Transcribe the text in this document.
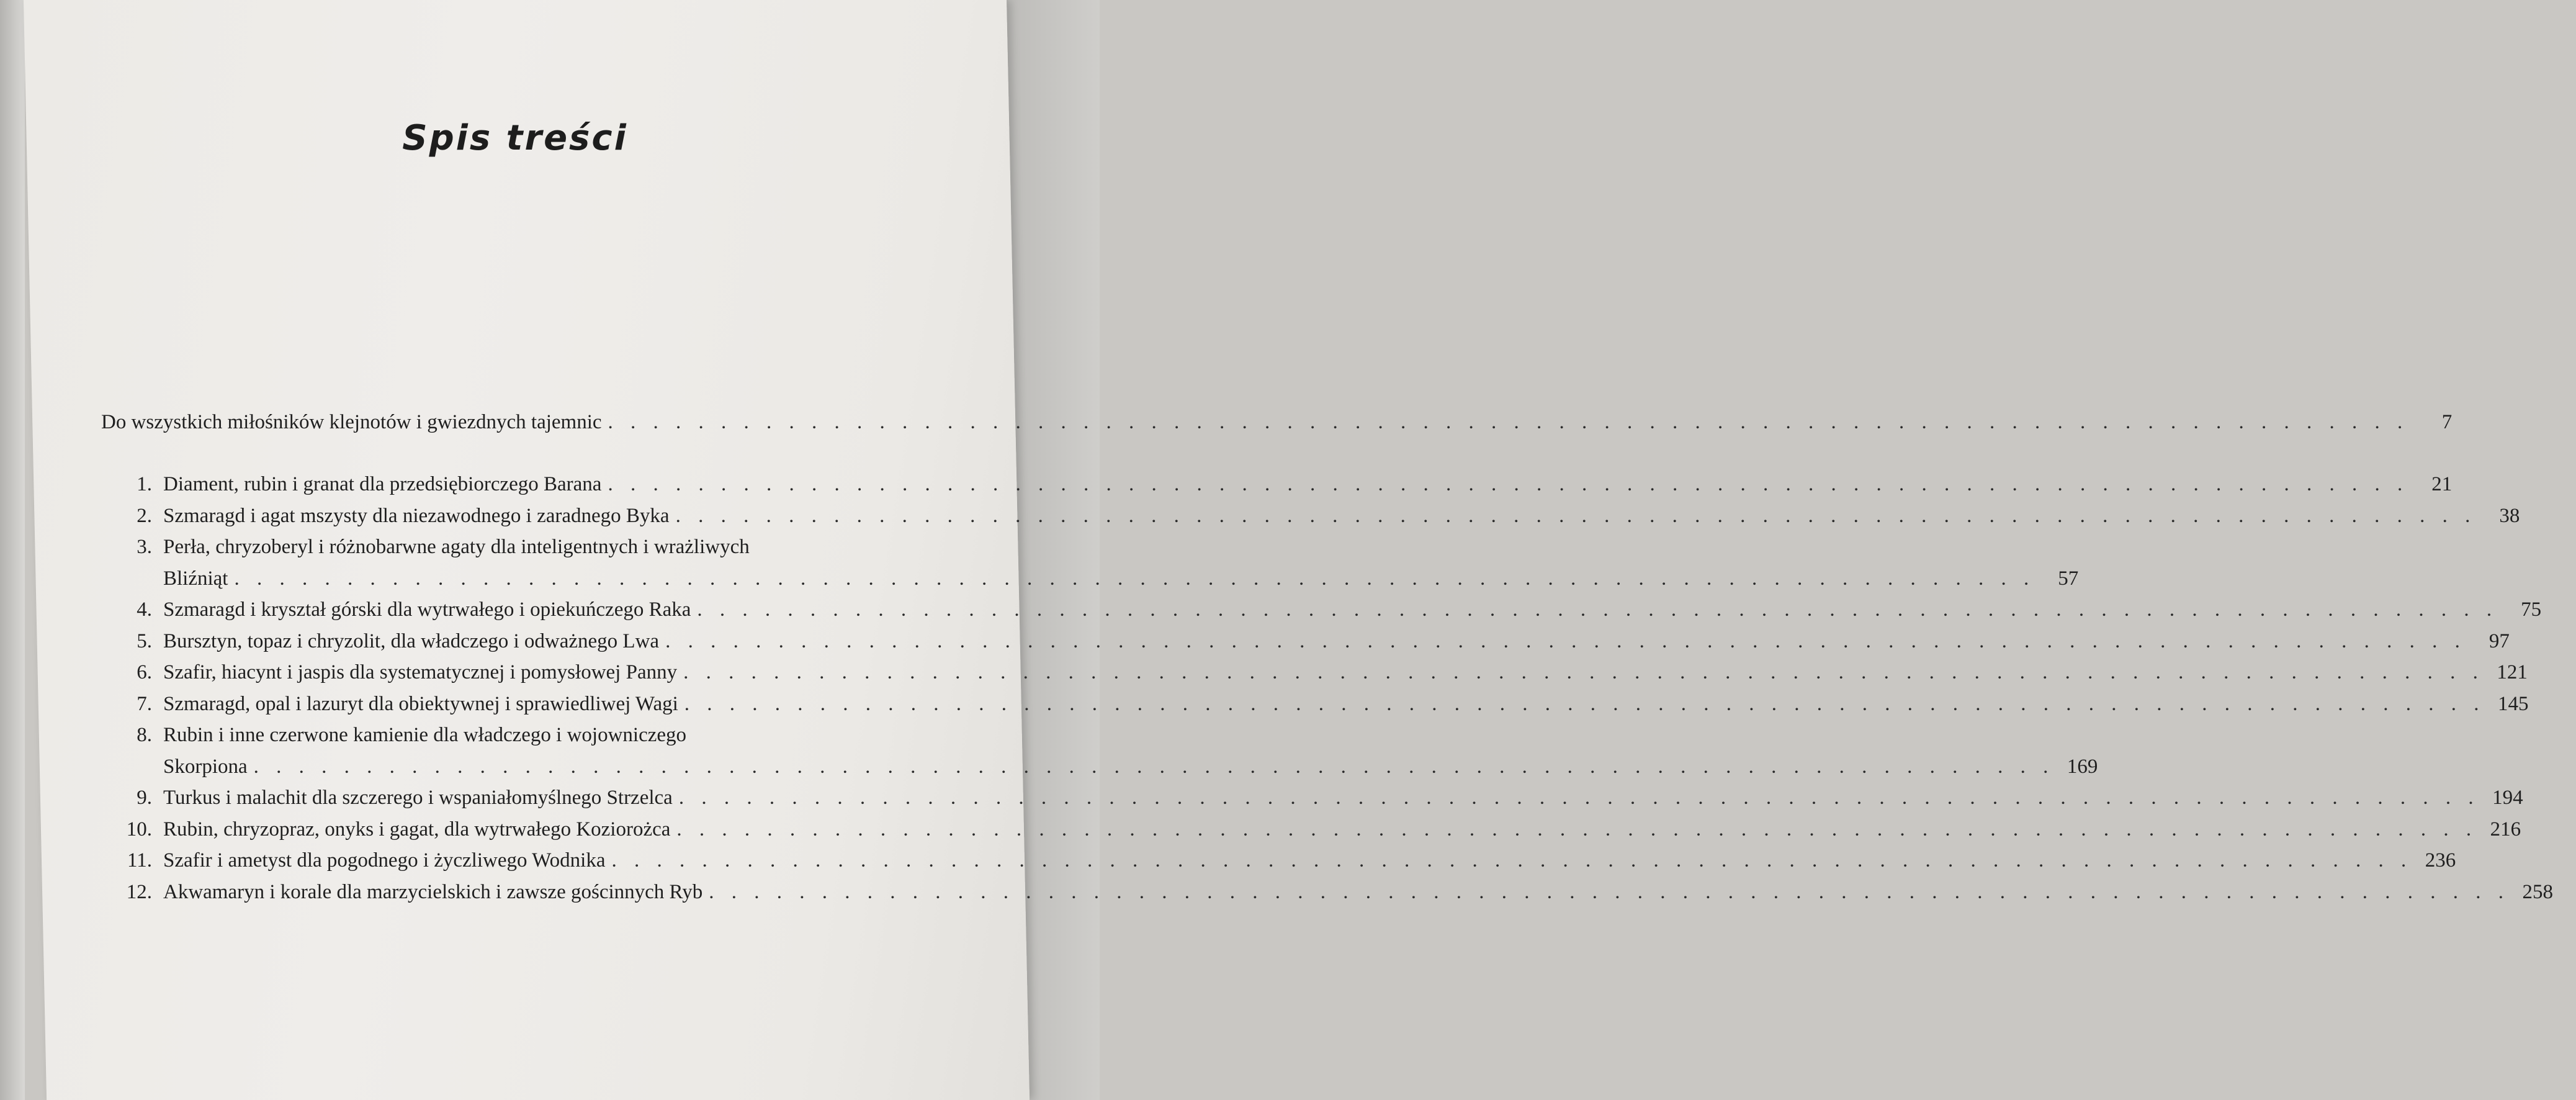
Spis treści
Do wszystkich miłośników klejnotów i gwiezdnych tajemnic . . . . . . . . . . . . . . . . . . . . . . . . . . . . . . . . . . . . . . . . . . . . . . . . . . . . . . . . . . . . . . . . . . . . . . . . . . . . . . . .	7
1. Diament, rubin i granat dla przedsiębiorczego Barana . . . . . . . . . . . . . . . . . . . . . . . . . . . . . . . . . . . . . . . . . . . . . . . . . . . . . . . . . . . . . . . . . . . . . . . . . . . . . . . .	21
2. Szmaragd i agat mszysty dla niezawodnego i zaradnego Byka . . . . . . . . . . . . . . . . . . . . . . . . . . . . . . . . . . . . . . . . . . . . . . . . . . . . . . . . . . . . . . . . . . . . . . . . . . . . . . . .	38
3. Perła, chryzoberyl i różnobarwne agaty dla inteligentnych i wrażliwych
Bliźniąt . . . . . . . . . . . . . . . . . . . . . . . . . . . . . . . . . . . . . . . . . . . . . . . . . . . . . . . . . . . . . . . . . . . . . . . . . . . . . . . .	57
4. Szmaragd i kryształ górski dla wytrwałego i opiekuńczego Raka . . . . . . . . . . . . . . . . . . . . . . . . . . . . . . . . . . . . . . . . . . . . . . . . . . . . . . . . . . . . . . . . . . . . . . . . . . . . . . . .	75
5. Bursztyn, topaz i chryzolit, dla władczego i odważnego Lwa . . . . . . . . . . . . . . . . . . . . . . . . . . . . . . . . . . . . . . . . . . . . . . . . . . . . . . . . . . . . . . . . . . . . . . . . . . . . . . . .	97
6. Szafir, hiacynt i jaspis dla systematycznej i pomysłowej Panny . . . . . . . . . . . . . . . . . . . . . . . . . . . . . . . . . . . . . . . . . . . . . . . . . . . . . . . . . . . . . . . . . . . . . . . . . . . . . . . . 121
7. Szmaragd, opal i lazuryt dla obiektywnej i sprawiedliwej Wagi . . . . . . . . . . . . . . . . . . . . . . . . . . . . . . . . . . . . . . . . . . . . . . . . . . . . . . . . . . . . . . . . . . . . . . . . . . . . . . . . 145
8. Rubin i inne czerwone kamienie dla władczego i wojowniczego
Skorpiona . . . . . . . . . . . . . . . . . . . . . . . . . . . . . . . . . . . . . . . . . . . . . . . . . . . . . . . . . . . . . . . . . . . . . . . . . . . . . . . . 169
9. Turkus i malachit dla szczerego i wspaniałomyślnego Strzelca . . . . . . . . . . . . . . . . . . . . . . . . . . . . . . . . . . . . . . . . . . . . . . . . . . . . . . . . . . . . . . . . . . . . . . . . . . . . . . . . 194
10. Rubin, chryzopraz, onyks i gagat, dla wytrwałego Koziorożca . . . . . . . . . . . . . . . . . . . . . . . . . . . . . . . . . . . . . . . . . . . . . . . . . . . . . . . . . . . . . . . . . . . . . . . . . . . . . . . . 216
11. Szafir i ametyst dla pogodnego i życzliwego Wodnika . . . . . . . . . . . . . . . . . . . . . . . . . . . . . . . . . . . . . . . . . . . . . . . . . . . . . . . . . . . . . . . . . . . . . . . . . . . . . . . . 236
12. Akwamaryn i korale dla marzycielskich i zawsze gościnnych Ryb . . . . . . . . . . . . . . . . . . . . . . . . . . . . . . . . . . . . . . . . . . . . . . . . . . . . . . . . . . . . . . . . . . . . . . . . . . . . . . . . 258
